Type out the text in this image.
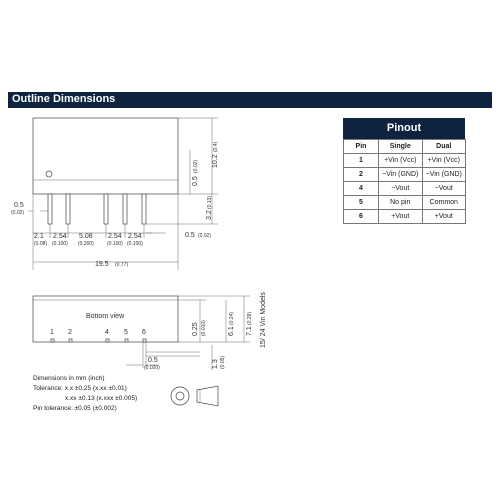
Outline Dimensions
0.5
(0.02)
2.1
(0.08)
2.54
(0.100)
5.08
(0.200)
2.54
(0.100)
2.54
(0.100)
0.5 (0.02)
19.5 (0.77)
0.5
(0.02) 10.2
(0.4)
3.2
(0.13)
Bottom view
1 2	4 5 6	0.25 (0.010)	6.1
(0.24)
7.1
(0.28) 15/ 24 Vin Models
0.5
(0.020)	1.3 (0.05)
Dimensions in mm (inch)
Tolerance: x.x ±0.25 (x.xx ±0.01)
x.xx ±0.13 (x.xxx ±0.005)
Pin tolerance: ±0.05 (±0.002)
Pinout
Pin	Single	Dual
1	+Vin (Vcc)	+Vin (Vcc)
2	−Vin (GND)	−Vin (GND)
4	−Vout	−Vout
5	No pin	Common
6	+Vout	+Vout
